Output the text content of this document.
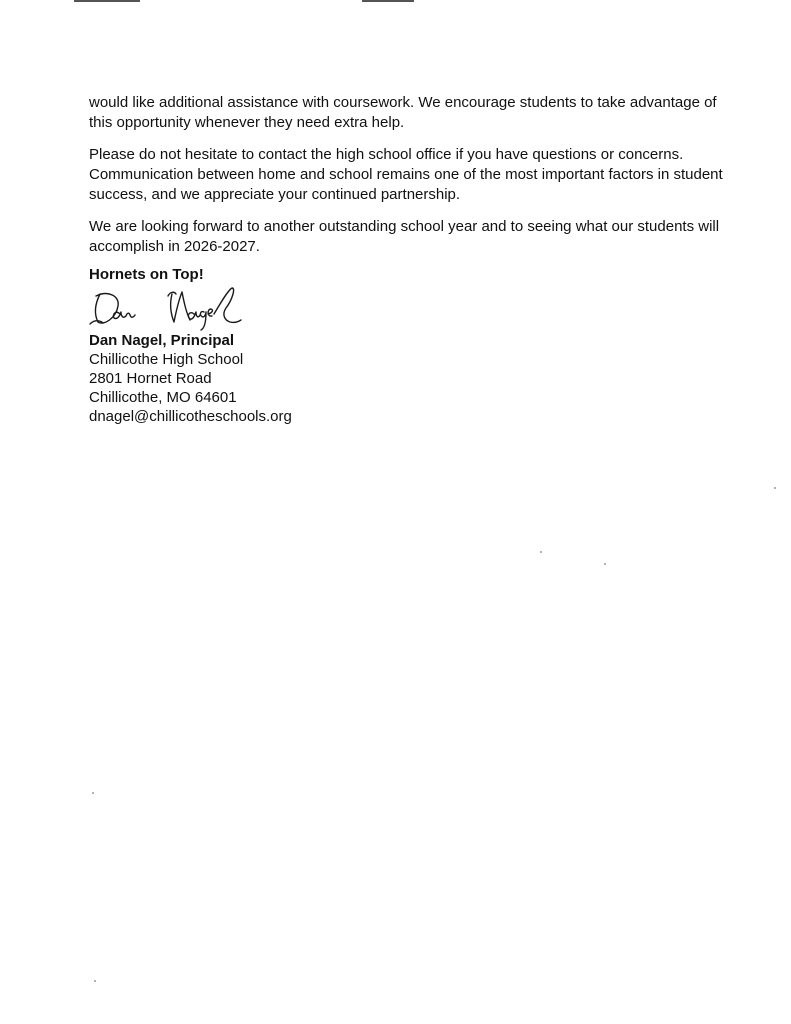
would like additional assistance with coursework. We encourage students to take advantage of this opportunity whenever they need extra help.

Please do not hesitate to contact the high school office if you have questions or concerns. Communication between home and school remains one of the most important factors in student success, and we appreciate your continued partnership.

We are looking forward to another outstanding school year and to seeing what our students will accomplish in 2026-2027.

Hornets on Top!
Dan Nagel, Principal
Chillicothe High School
2801 Hornet Road
Chillicothe, MO 64601
dnagel@chillicotheschools.org
